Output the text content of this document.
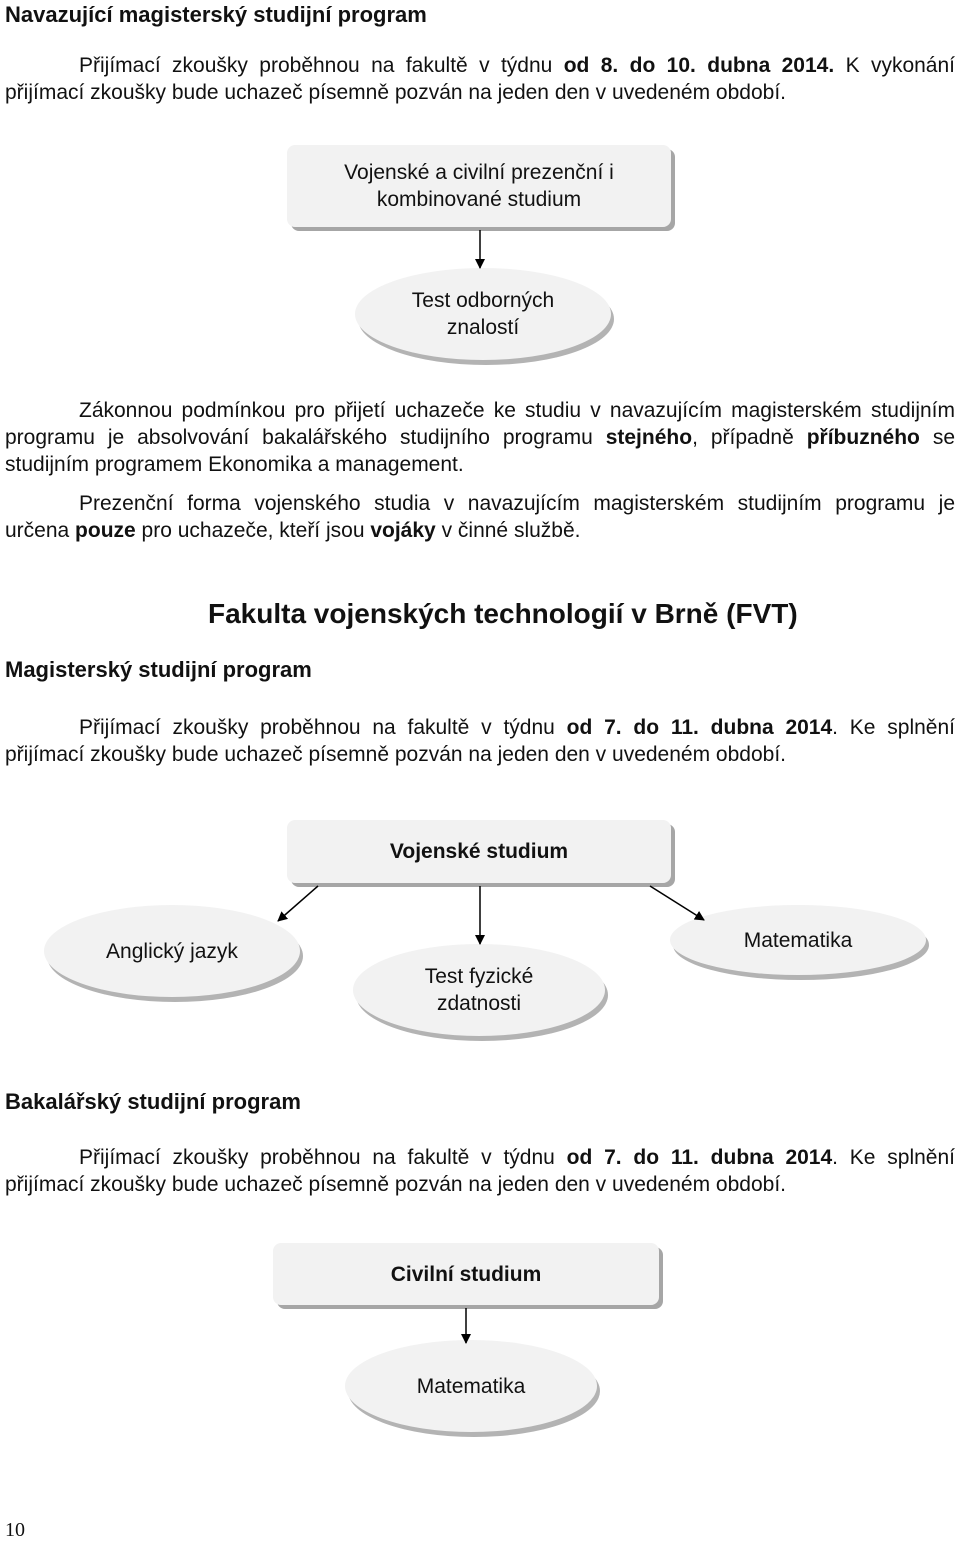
Navazující magisterský studijní program
Přijímací zkoušky proběhnou na fakultě v týdnu od 8. do 10. dubna 2014. K vykonání přijímací zkoušky bude uchazeč písemně pozván na jeden den v uvedeném období.
Vojenské a civilní prezenční i kombinované studium
Test odborných znalostí
Zákonnou podmínkou pro přijetí uchazeče ke studiu v navazujícím magisterském studijním programu je absolvování bakalářského studijního programu stejného, případně příbuzného se studijním programem Ekonomika a management.
Prezenční forma vojenského studia v navazujícím magisterském studijním programu je určena pouze pro uchazeče, kteří jsou vojáky v činné službě.
Fakulta vojenských technologií v Brně (FVT)
Magisterský studijní program
Přijímací zkoušky proběhnou na fakultě v týdnu od 7. do 11. dubna 2014. Ke splnění přijímací zkoušky bude uchazeč písemně pozván na jeden den v uvedeném období.
Vojenské studium
Anglický jazyk
Test fyzické zdatnosti
Matematika
Bakalářský studijní program
Přijímací zkoušky proběhnou na fakultě v týdnu od 7. do 11. dubna 2014. Ke splnění přijímací zkoušky bude uchazeč písemně pozván na jeden den v uvedeném období.
Civilní studium
Matematika
10
